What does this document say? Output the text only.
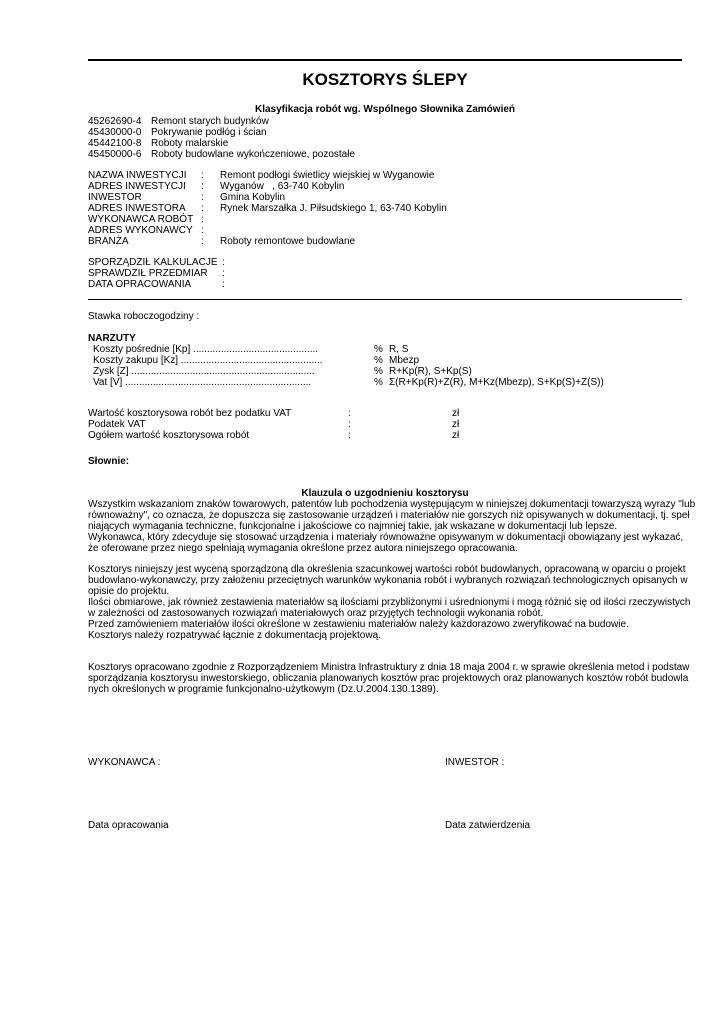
KOSZTORYS ŚLEPY
Klasyfikacja robót wg. Wspólnego Słownika Zamówień
45262690-4 Remont starych budynków
45430000-0 Pokrywanie podłóg i ścian
45442100-8 Roboty malarskie
45450000-6 Roboty budowlane wykończeniowe, pozostałe
NAZWA INWESTYCJI : Remont podłogi świetlicy wiejskiej w Wyganowie
ADRES INWESTYCJI : Wyganów   , 63-740 Kobylin
INWESTOR	: Gmina Kobylin
ADRES INWESTORA : Rynek Marszałka J. Piłsudskiego 1, 63-740 Kobylin
WYKONAWCA ROBÓT :
ADRES WYKONAWCY :
BRANŻA	: Roboty remontowe budowlane
SPORZĄDZIŁ KALKULACJE :
SPRAWDZIŁ PRZEDMIAR :
DATA OPRACOWANIA	:
Stawka roboczogodziny :
NARZUTY
Koszty pośrednie [Kp] .............................................	% R, S
Koszty zakupu [Kz] ...................................................	% Mbezp
Zysk [Z] ..................................................................	% R+Kp(R), S+Kp(S)
Vat [V] ...................................................................	% Σ(R+Kp(R)+Z(R), M+Kz(Mbezp), S+Kp(S)+Z(S))
Wartość kosztorysowa robót bez podatku VAT	:	zł
Podatek VAT	:	zł
Ogółem wartość kosztorysowa robót	:	zł
Słownie:
Klauzula o uzgodnieniu kosztorysu
Wszystkim wskazaniom znaków towarowych, patentów lub pochodzenia występującym w niniejszej dokumentacji towarzyszą wyrazy "lub
równoważny", co oznacza, że dopuszcza się zastosowanie urządzeń i materiałów nie gorszych niż opisywanych w dokumentacji, tj. speł
niających wymagania techniczne, funkcjonalne i jakościowe co najmniej takie, jak wskazane w dokumentacji lub lepsze.
Wykonawca, który zdecyduje się stosować urządzenia i materiały równoważne opisywanym w dokumentacji obowiązany jest wykazać,
że oferowane przez niego spełniają wymagania określone przez autora niniejszego opracowania.
Kosztorys niniejszy jest wyceną sporządzoną dla określenia szacunkowej wartości robót budowlanych, opracowaną w oparciu o projekt
budowlano-wykonawczy, przy założeniu przeciętnych warunków wykonania robót i wybranych rozwiązań technologicznych opisanych w
opisie do projektu.
Ilości obmiarowe, jak również zestawienia materiałów są ilościami przybliżonymi i uśrednionymi i mogą różnić się od ilości rzeczywistych
w zależności od zastosowanych rozwiązań materiałowych oraz przyjętych technologii wykonania robót.
Przed zamówieniem materiałów ilości określone w zestawieniu materiałów należy każdorazowo zweryfikować na budowie.
Kosztorys należy rozpatrywać łącznie z dokumentacją projektową.
Kosztorys opracowano zgodnie z Rozporządzeniem Ministra Infrastruktury z dnia 18 maja 2004 r. w sprawie określenia metod i podstaw
sporządzania kosztorysu inwestorskiego, obliczania planowanych kosztów prac projektowych oraz planowanych kosztów robót budowla
nych określonych w programie funkcjonalno-użytkowym (Dz.U.2004.130.1389).
WYKONAWCA :	INWESTOR :
Data opracowania	Data zatwierdzenia
